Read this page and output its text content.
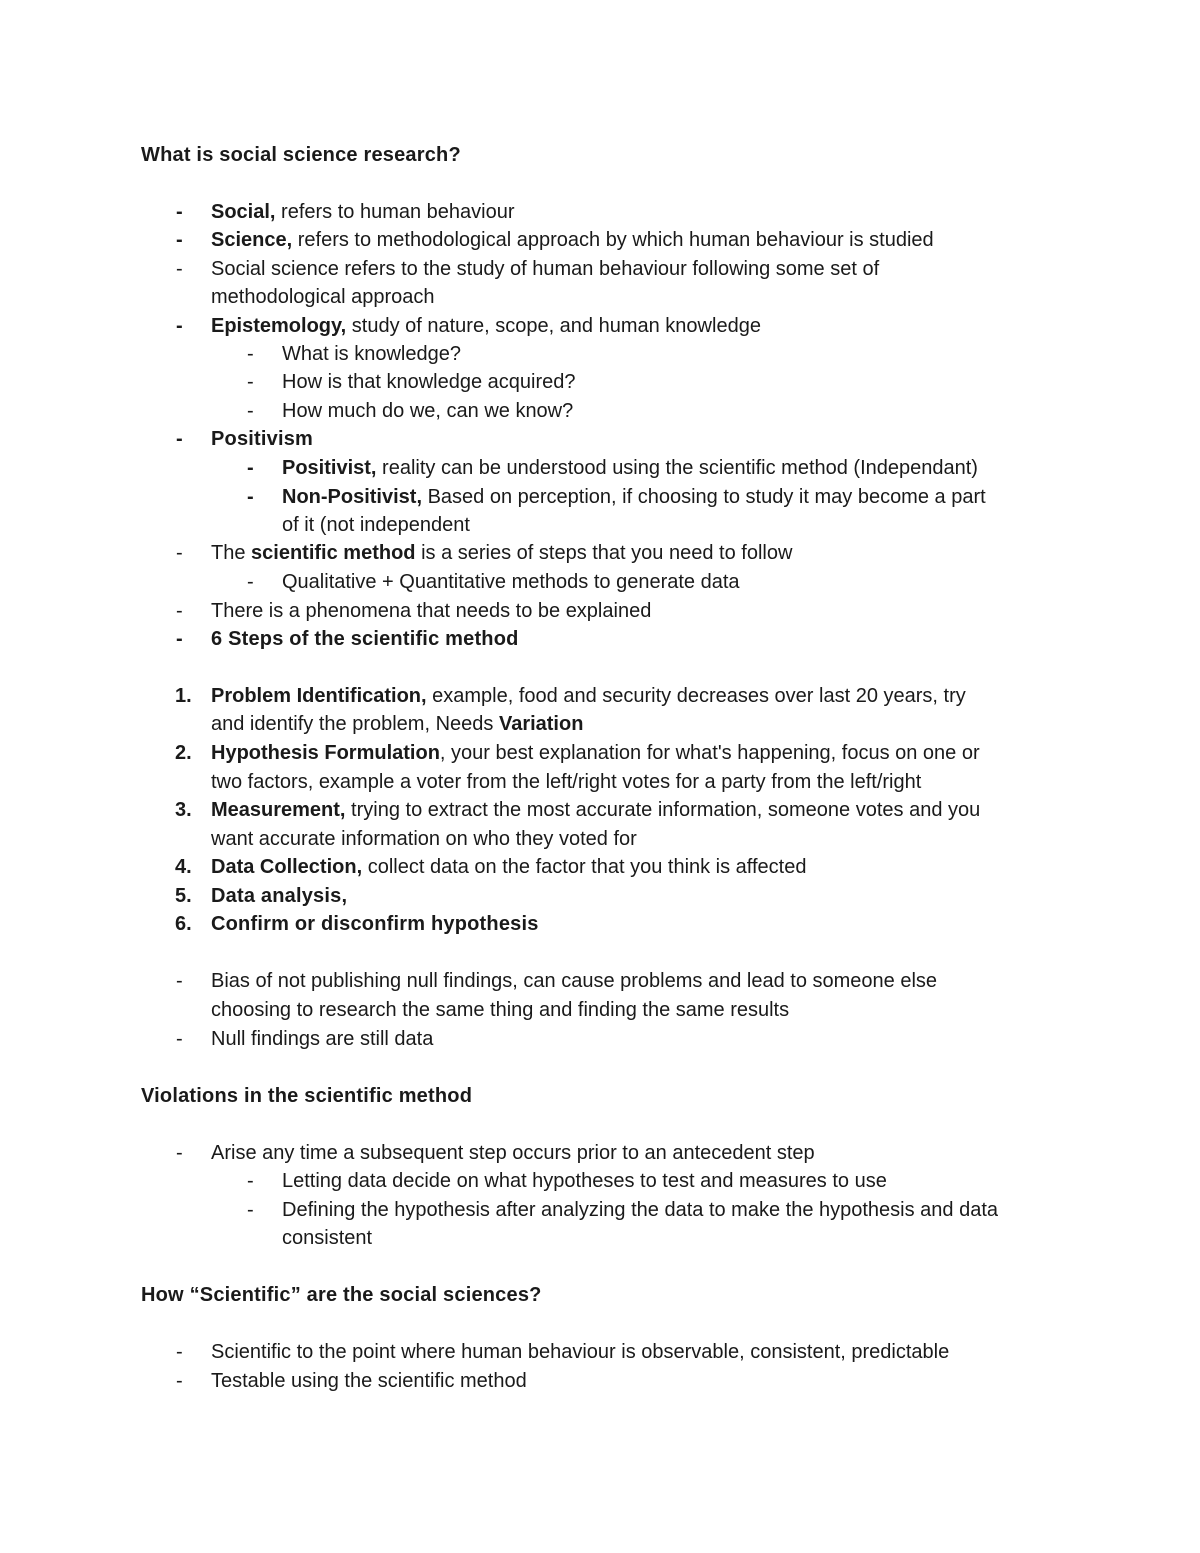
What is social science research?
- Social, refers to human behaviour
- Science, refers to methodological approach by which human behaviour is studied
- Social science refers to the study of human behaviour following some set of
methodological approach
- Epistemology, study of nature, scope, and human knowledge
- What is knowledge?
- How is that knowledge acquired?
- How much do we, can we know?
- Positivism
- Positivist, reality can be understood using the scientific method (Independant)
- Non-Positivist, Based on perception, if choosing to study it may become a part
of it (not independent
- The scientific method is a series of steps that you need to follow
- Qualitative + Quantitative methods to generate data
- There is a phenomena that needs to be explained
- 6 Steps of the scientific method
1. Problem Identification, example, food and security decreases over last 20 years, try
and identify the problem, Needs Variation
2. Hypothesis Formulation, your best explanation for what's happening, focus on one or
two factors, example a voter from the left/right votes for a party from the left/right
3. Measurement, trying to extract the most accurate information, someone votes and you
want accurate information on who they voted for
4. Data Collection, collect data on the factor that you think is affected
5. Data analysis,
6. Confirm or disconfirm hypothesis
- Bias of not publishing null findings, can cause problems and lead to someone else
choosing to research the same thing and finding the same results
- Null findings are still data
Violations in the scientific method
- Arise any time a subsequent step occurs prior to an antecedent step
- Letting data decide on what hypotheses to test and measures to use
- Defining the hypothesis after analyzing the data to make the hypothesis and data
consistent
How “Scientific” are the social sciences?
- Scientific to the point where human behaviour is observable, consistent, predictable
- Testable using the scientific method
